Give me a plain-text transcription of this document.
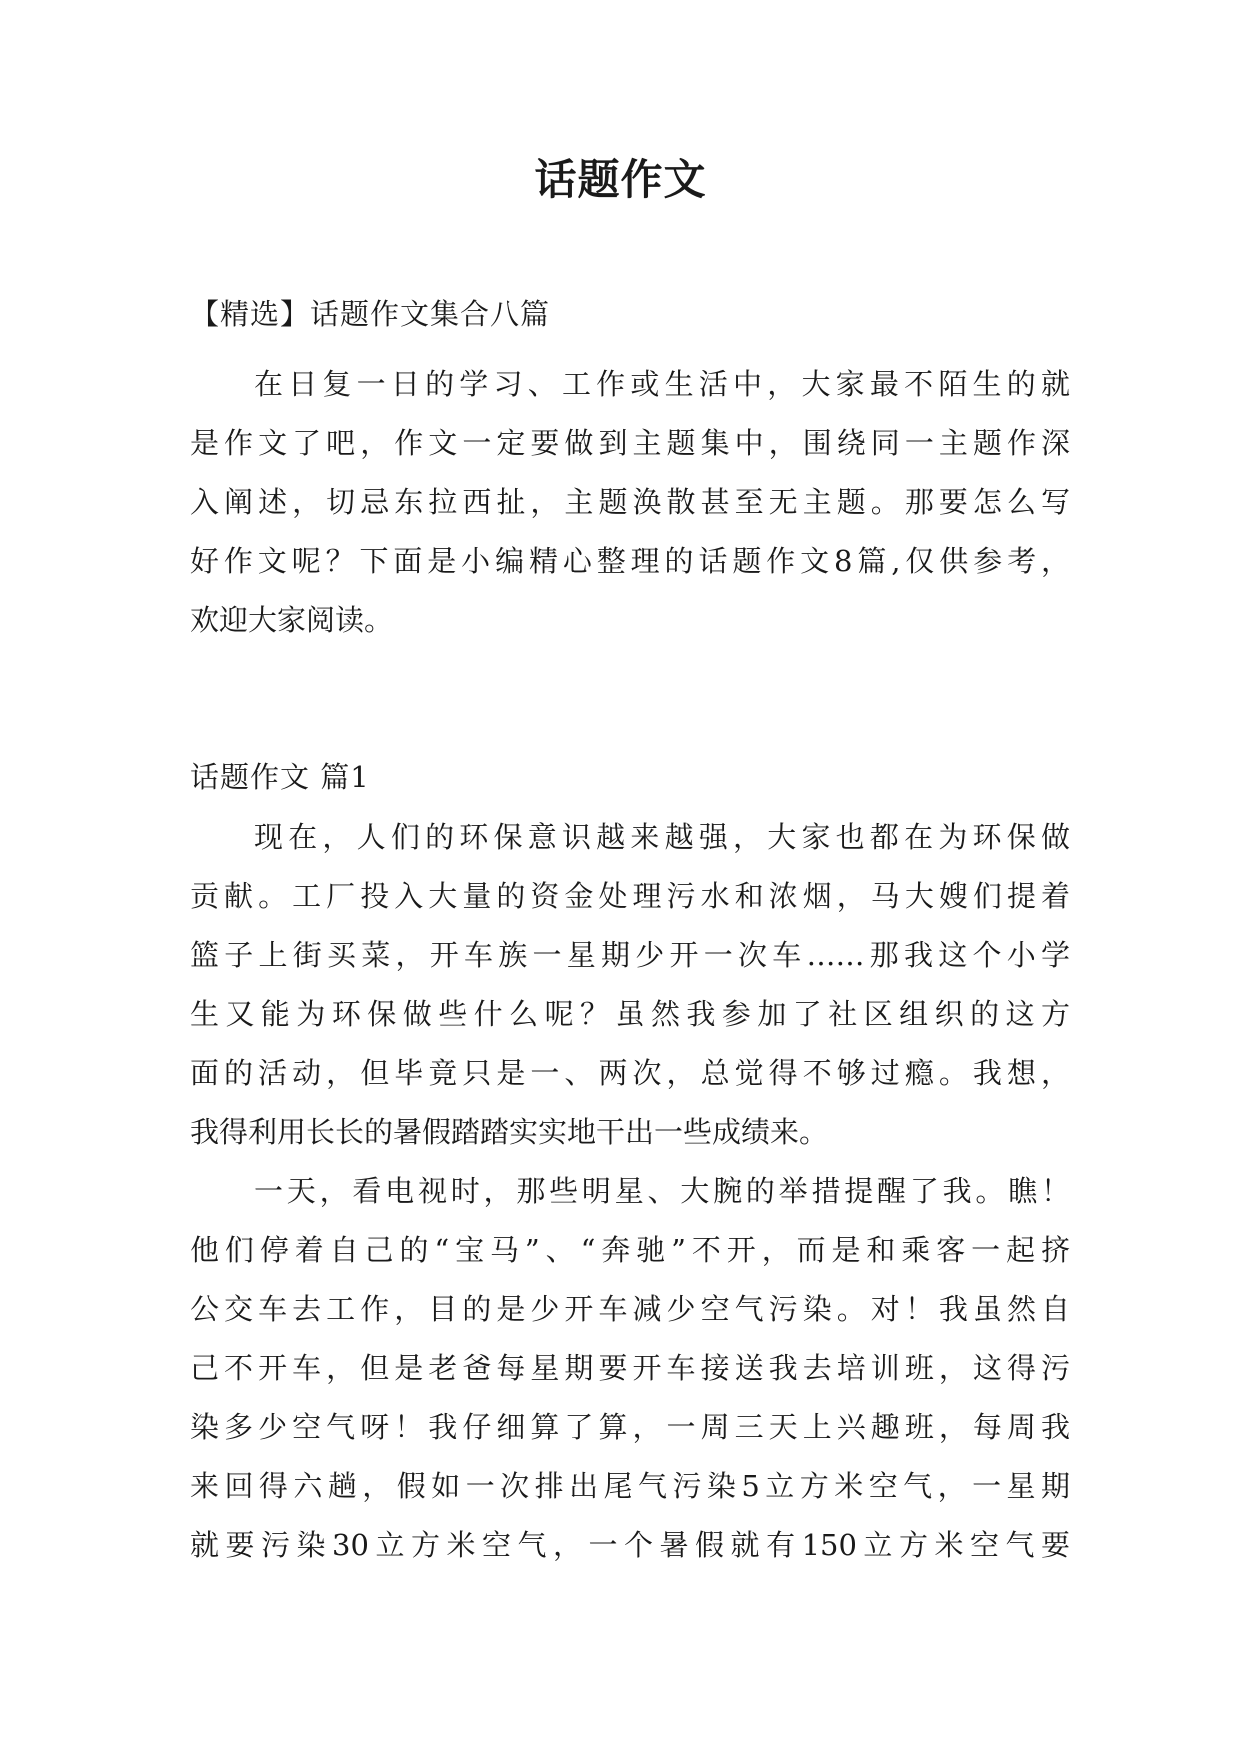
话题作文
【精选】话题作文集合八篇
在日复一日的学习、工作或生活中，大家最不陌生的就
是作文了吧，作文一定要做到主题集中，围绕同一主题作深
入阐述，切忌东拉西扯，主题涣散甚至无主题。那要怎么写
好作文呢？下面是小编精心整理的话题作文8篇,仅供参考，
欢迎大家阅读。
话题作文 篇1
现在，人们的环保意识越来越强，大家也都在为环保做
贡献。工厂投入大量的资金处理污水和浓烟，马大嫂们提着
篮子上街买菜，开车族一星期少开一次车……那我这个小学
生又能为环保做些什么呢？虽然我参加了社区组织的这方
面的活动，但毕竟只是一、两次，总觉得不够过瘾。我想，
我得利用长长的暑假踏踏实实地干出一些成绩来。
一天，看电视时，那些明星、大腕的举措提醒了我。瞧！
他们停着自己的“宝马”、“奔驰”不开，而是和乘客一起挤
公交车去工作，目的是少开车减少空气污染。对！我虽然自
己不开车，但是老爸每星期要开车接送我去培训班，这得污
染多少空气呀！我仔细算了算，一周三天上兴趣班，每周我
来回得六趟，假如一次排出尾气污染5立方米空气，一星期
就要污染30立方米空气，一个暑假就有150立方米空气要
